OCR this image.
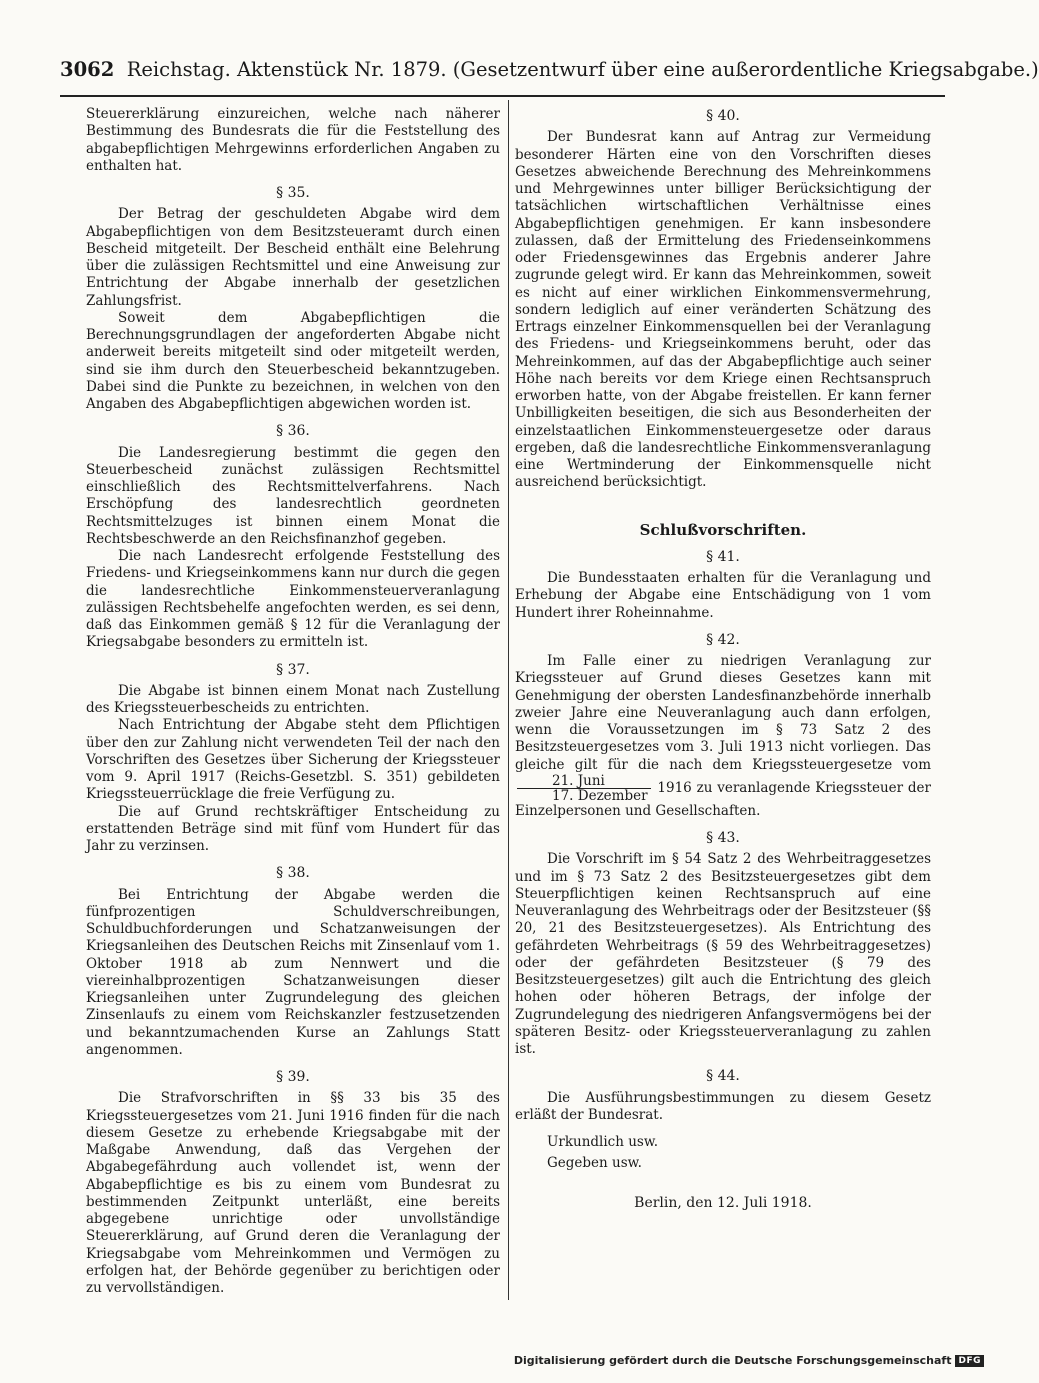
3062 Reichstag. Aktenstück Nr. 1879. (Gesetzentwurf über eine außerordentliche Kriegsabgabe.)

Steuererklärung einzureichen, welche nach näherer Bestimmung des Bundesrats die für die Feststellung des abgabepflichtigen Mehrgewinns erforderlichen Angaben zu enthalten hat.

§ 35.

Der Betrag der geschuldeten Abgabe wird dem Abgabepflichtigen von dem Besitzsteueramt durch einen Bescheid mitgeteilt. Der Bescheid enthält eine Belehrung über die zulässigen Rechtsmittel und eine Anweisung zur Entrichtung der Abgabe innerhalb der gesetzlichen Zahlungsfrist.

Soweit dem Abgabepflichtigen die Berechnungsgrundlagen der angeforderten Abgabe nicht anderweit bereits mitgeteilt sind oder mitgeteilt werden, sind sie ihm durch den Steuerbescheid bekanntzugeben. Dabei sind die Punkte zu bezeichnen, in welchen von den Angaben des Abgabepflichtigen abgewichen worden ist.

§ 36.

Die Landesregierung bestimmt die gegen den Steuerbescheid zunächst zulässigen Rechtsmittel einschließlich des Rechtsmittelverfahrens. Nach Erschöpfung des landesrechtlich geordneten Rechtsmittelzuges ist binnen einem Monat die Rechtsbeschwerde an den Reichsfinanzhof gegeben.

Die nach Landesrecht erfolgende Feststellung des Friedens- und Kriegseinkommens kann nur durch die gegen die landesrechtliche Einkommensteuerveranlagung zulässigen Rechtsbehelfe angefochten werden, es sei denn, daß das Einkommen gemäß § 12 für die Veranlagung der Kriegsabgabe besonders zu ermitteln ist.

§ 37.

Die Abgabe ist binnen einem Monat nach Zustellung des Kriegssteuerbescheids zu entrichten.

Nach Entrichtung der Abgabe steht dem Pflichtigen über den zur Zahlung nicht verwendeten Teil der nach den Vorschriften des Gesetzes über Sicherung der Kriegssteuer vom 9. April 1917 (Reichs-Gesetzbl. S. 351) gebildeten Kriegssteuerrücklage die freie Verfügung zu.

Die auf Grund rechtskräftiger Entscheidung zu erstattenden Beträge sind mit fünf vom Hundert für das Jahr zu verzinsen.

§ 38.

Bei Entrichtung der Abgabe werden die fünfprozentigen Schuldverschreibungen, Schuldbuchforderungen und Schatzanweisungen der Kriegsanleihen des Deutschen Reichs mit Zinsenlauf vom 1. Oktober 1918 ab zum Nennwert und die viereinhalbprozentigen Schatzanweisungen dieser Kriegsanleihen unter Zugrundelegung des gleichen Zinsenlaufs zu einem vom Reichskanzler festzusetzenden und bekanntzumachenden Kurse an Zahlungs Statt angenommen.

§ 39.

Die Strafvorschriften in §§ 33 bis 35 des Kriegssteuergesetzes vom 21. Juni 1916 finden für die nach diesem Gesetze zu erhebende Kriegsabgabe mit der Maßgabe Anwendung, daß das Vergehen der Abgabegefährdung auch vollendet ist, wenn der Abgabepflichtige es bis zu einem vom Bundesrat zu bestimmenden Zeitpunkt unterläßt, eine bereits abgegebene unrichtige oder unvollständige Steuererklärung, auf Grund deren die Veranlagung der Kriegsabgabe vom Mehreinkommen und Vermögen zu erfolgen hat, der Behörde gegenüber zu berichtigen oder zu vervollständigen.

§ 40.

Der Bundesrat kann auf Antrag zur Vermeidung besonderer Härten eine von den Vorschriften dieses Gesetzes abweichende Berechnung des Mehreinkommens und Mehrgewinnes unter billiger Berücksichtigung der tatsächlichen wirtschaftlichen Verhältnisse eines Abgabepflichtigen genehmigen. Er kann insbesondere zulassen, daß der Ermittelung des Friedenseinkommens oder Friedensgewinnes das Ergebnis anderer Jahre zugrunde gelegt wird. Er kann das Mehreinkommen, soweit es nicht auf einer wirklichen Einkommensvermehrung, sondern lediglich auf einer veränderten Schätzung des Ertrags einzelner Einkommensquellen bei der Veranlagung des Friedens- und Kriegseinkommens beruht, oder das Mehreinkommen, auf das der Abgabepflichtige auch seiner Höhe nach bereits vor dem Kriege einen Rechtsanspruch erworben hatte, von der Abgabe freistellen. Er kann ferner Unbilligkeiten beseitigen, die sich aus Besonderheiten der einzelstaatlichen Einkommensteuergesetze oder daraus ergeben, daß die landesrechtliche Einkommensveranlagung eine Wertminderung der Einkommensquelle nicht ausreichend berücksichtigt.

Schlußvorschriften.
§ 41.

Die Bundesstaaten erhalten für die Veranlagung und Erhebung der Abgabe eine Entschädigung von 1 vom Hundert ihrer Roheinnahme.

§ 42.

Im Falle einer zu niedrigen Veranlagung zur Kriegssteuer auf Grund dieses Gesetzes kann mit Genehmigung der obersten Landesfinanzbehörde innerhalb zweier Jahre eine Neuveranlagung auch dann erfolgen, wenn die Voraussetzungen im § 73 Satz 2 des Besitzsteuergesetzes vom 3. Juli 1913 nicht vorliegen. Das gleiche gilt für die nach dem Kriegssteuergesetze vom
$\frac{\text{21. Juni}}{\text{17. Dezember}} 1916$ zu veranlagende Kriegssteuer der Einzelpersonen und Gesellschaften.

§ 43.

Die Vorschrift im § 54 Satz 2 des Wehrbeitraggesetzes und im § 73 Satz 2 des Besitzsteuergesetzes gibt dem Steuerpflichtigen keinen Rechtsanspruch auf eine Neuveranlagung des Wehrbeitrags oder der Besitzsteuer (§§ 20, 21 des Besitzsteuergesetzes). Als Entrichtung des gefährdeten Wehrbeitrags (§ 59 des Wehrbeitraggesetzes) oder der gefährdeten Besitzsteuer (§ 79 des Besitzsteuergesetzes) gilt auch die Entrichtung des gleich hohen oder höheren Betrags, der infolge der Zugrundelegung des niedrigeren Anfangsvermögens bei der späteren Besitz- oder Kriegssteuerveranlagung zu zahlen ist.

§ 44.

Die Ausführungsbestimmungen zu diesem Gesetz erläßt der Bundesrat.

Urkundlich usw.

Gegeben usw.

Berlin, den 12. Juli 1918.
Digitalisierung gefördert durch die Deutsche Forschungsgemeinschaft DFG
